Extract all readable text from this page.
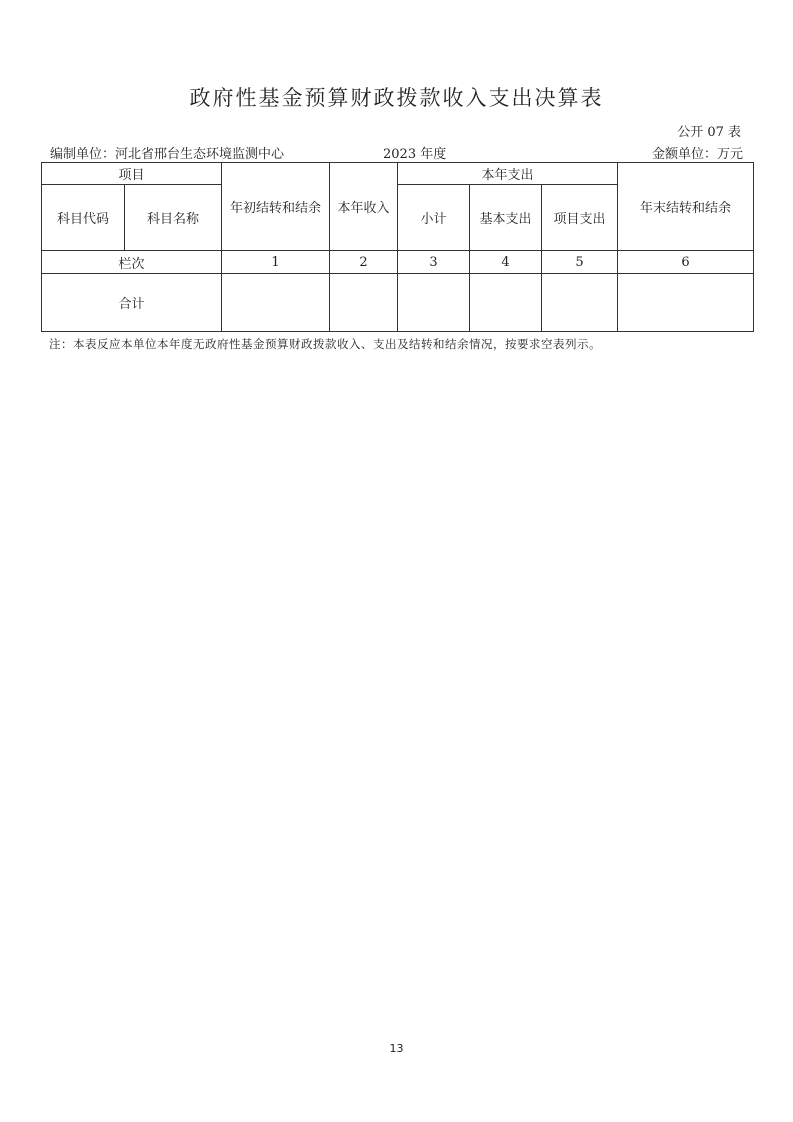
政府性基金预算财政拨款收入支出决算表
公开 07 表
编制单位：河北省邢台生态环境监测中心	2023 年度	金额单位：万元
项目		年初结转和结余	本年收入	本年支出			年末结转和结余
科目代码	科目名称			小计	基本支出	项目支出	
栏次		1	2	3	4	5	6
合计							
注：本表反应本单位本年度无政府性基金预算财政拨款收入、支出及结转和结余情况，按要求空表列示。
13
